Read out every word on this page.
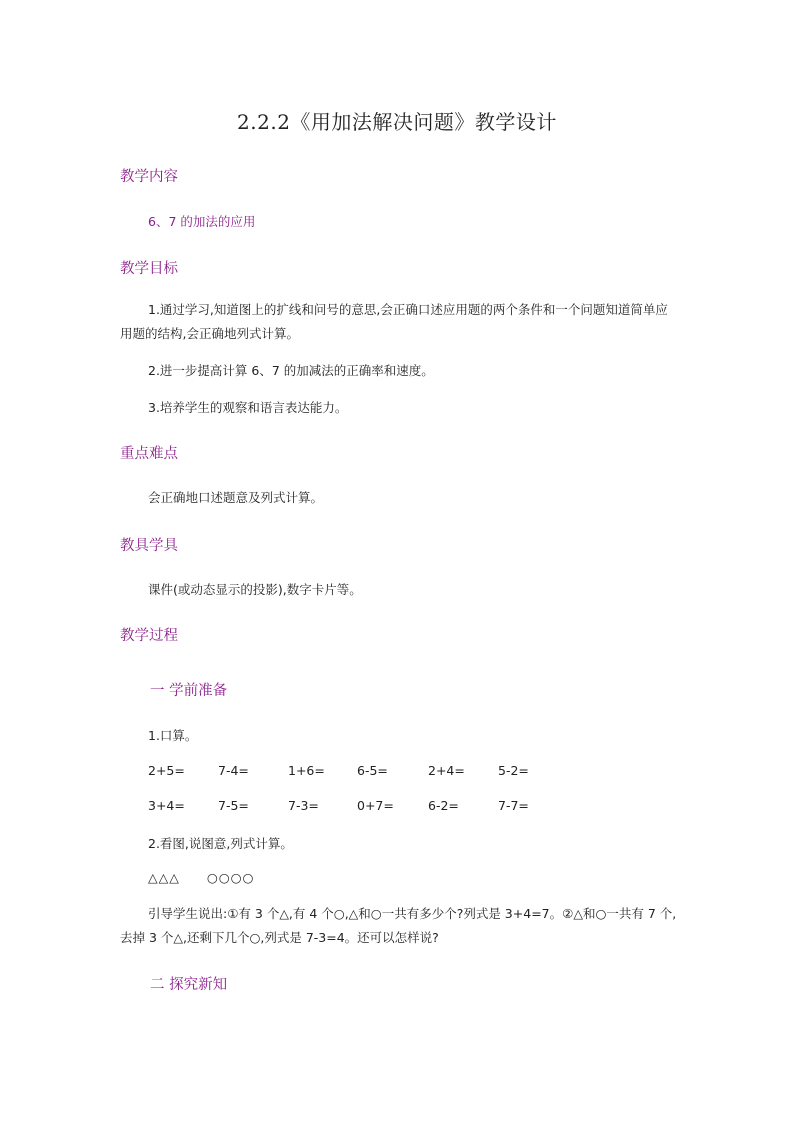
2.2.2《用加法解决问题》教学设计
教学内容
6、7 的加法的应用
教学目标
1.通过学习,知道图上的扩线和问号的意思,会正确口述应用题的两个条件和一个问题知道简单应用题的结构,会正确地列式计算。
2.进一步提高计算 6、7 的加减法的正确率和速度。
3.培养学生的观察和语言表达能力。
重点难点
会正确地口述题意及列式计算。
教具学具
课件(或动态显示的投影),数字卡片等。
教学过程
一 学前准备
1.口算。
2+5=	7-4=	1+6=	6-5=	2+4=	5-2=
3+4=	7-5=	7-3=	0+7=	6-2=	7-7=
2.看图,说图意,列式计算。
△△△　　○○○○
引导学生说出:①有 3 个△,有 4 个○,△和○一共有多少个?列式是 3+4=7。②△和○一共有 7 个,去掉 3 个△,还剩下几个○,列式是 7-3=4。还可以怎样说?
二 探究新知
